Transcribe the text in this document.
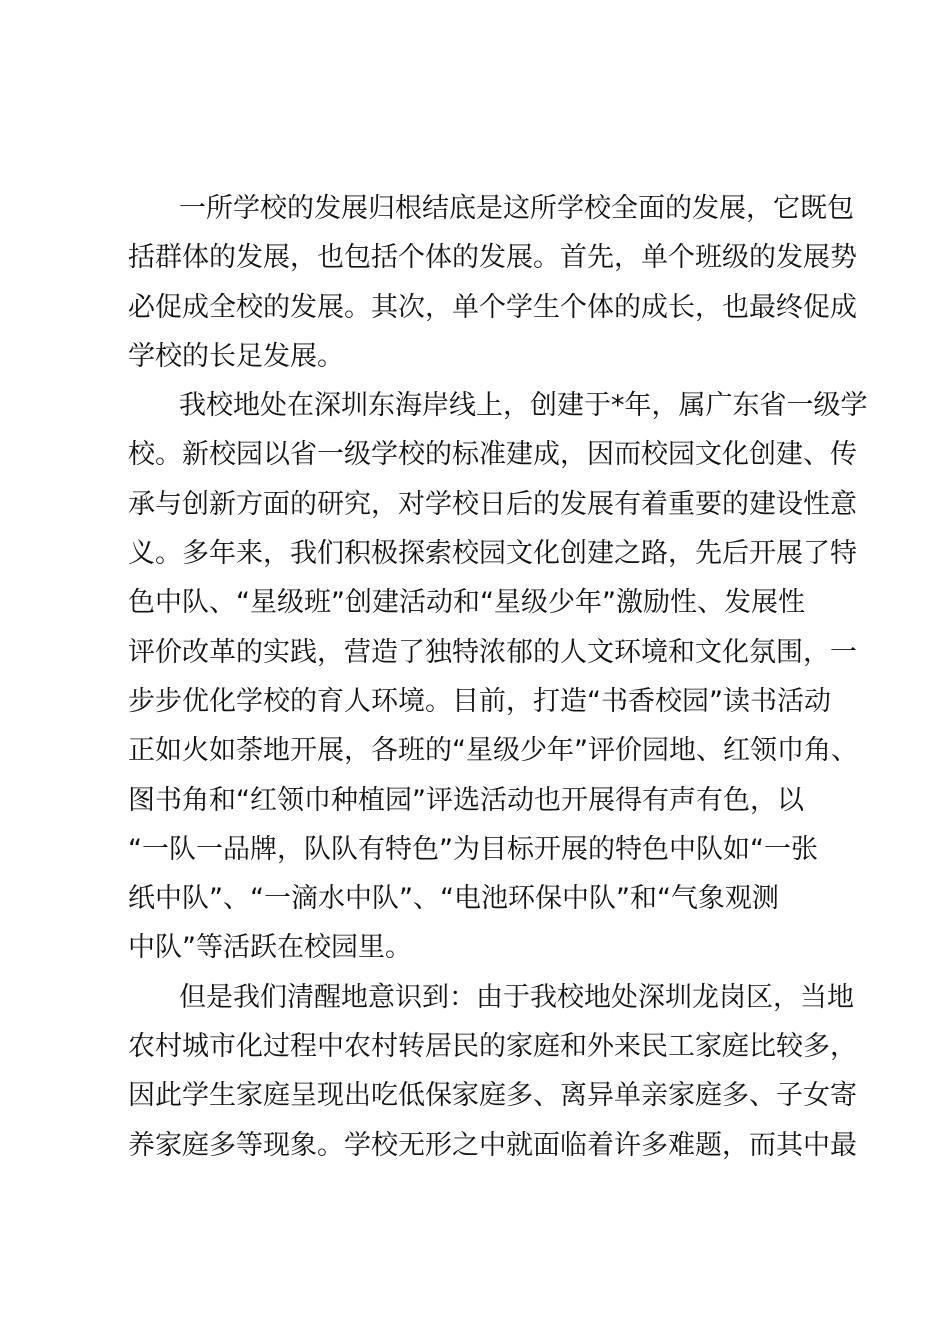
一所学校的发展归根结底是这所学校全面的发展，它既包
括群体的发展，也包括个体的发展。首先，单个班级的发展势
必促成全校的发展。其次，单个学生个体的成长，也最终促成
学校的长足发展。
我校地处在深圳东海岸线上，创建于*年，属广东省一级学
校。新校园以省一级学校的标准建成，因而校园文化创建、传
承与创新方面的研究，对学校日后的发展有着重要的建设性意
义。多年来，我们积极探索校园文化创建之路，先后开展了特
色中队、“星级班”创建活动和“星级少年”激励性、发展性
评价改革的实践，营造了独特浓郁的人文环境和文化氛围，一
步步优化学校的育人环境。目前，打造“书香校园”读书活动
正如火如荼地开展，各班的“星级少年”评价园地、红领巾角、
图书角和“红领巾种植园”评选活动也开展得有声有色，以
“一队一品牌，队队有特色”为目标开展的特色中队如“一张
纸中队”、“一滴水中队”、“电池环保中队”和“气象观测
中队”等活跃在校园里。
但是我们清醒地意识到：由于我校地处深圳龙岗区，当地
农村城市化过程中农村转居民的家庭和外来民工家庭比较多，
因此学生家庭呈现出吃低保家庭多、离异单亲家庭多、子女寄
养家庭多等现象。学校无形之中就面临着许多难题，而其中最
